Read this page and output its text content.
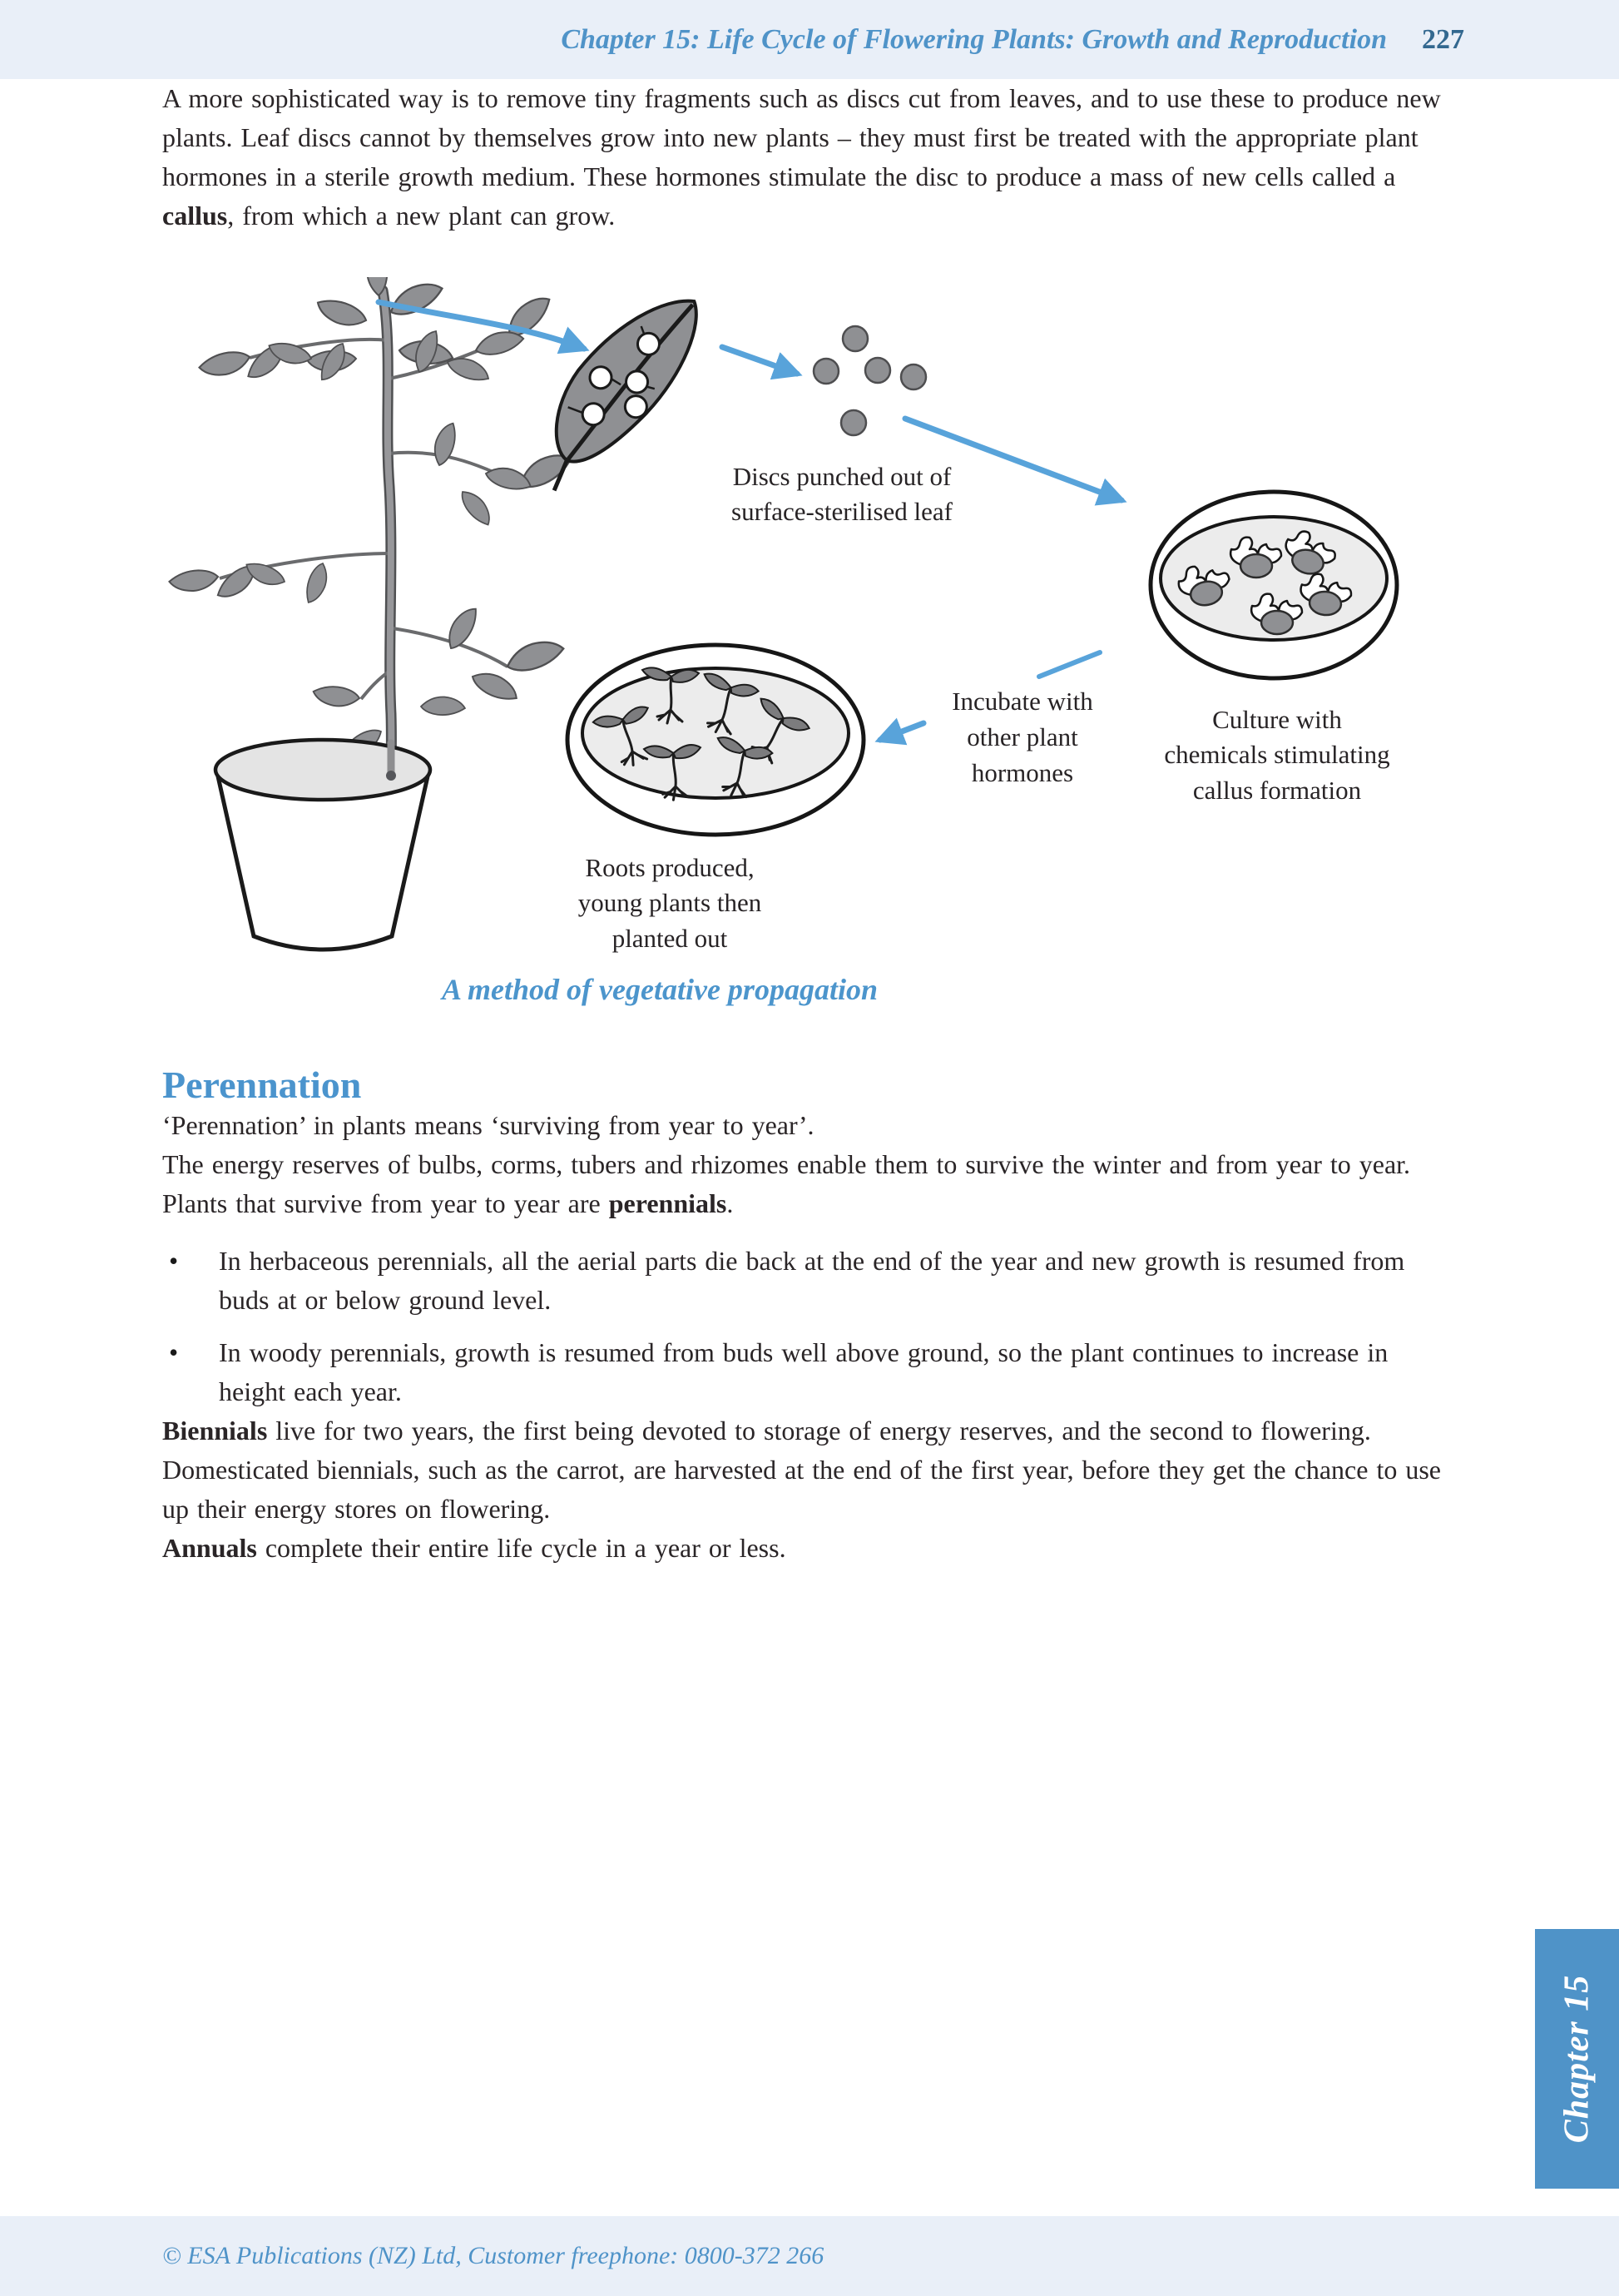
Chapter 15: Life Cycle of Flowering Plants: Growth and Reproduction 227

A more sophisticated way is to remove tiny fragments such as discs cut from leaves, and to use these to produce new plants. Leaf discs cannot by themselves grow into new plants – they must first be treated with the appropriate plant hormones in a sterile growth medium. These hormones stimulate the disc to produce a mass of new cells called a callus, from which a new plant can grow.

Discs punched out of
surface-sterilised leaf
Incubate with
other plant
hormones
Culture with
chemicals stimulating
callus formation
Roots produced,
young plants then
planted out
A method of vegetative propagation
Perennation

‘Perennation’ in plants means ‘surviving from year to year’.

The energy reserves of bulbs, corms, tubers and rhizomes enable them to survive the winter and from year to year. Plants that survive from year to year are perennials.

• In herbaceous perennials, all the aerial parts die back at the end of the year and new growth is resumed from buds at or below ground level.
• In woody perennials, growth is resumed from buds well above ground, so the plant continues to increase in height each year.

Biennials live for two years, the first being devoted to storage of energy reserves, and the second to flowering.

Domesticated biennials, such as the carrot, are harvested at the end of the first year, before they get the chance to use up their energy stores on flowering.

Annuals complete their entire life cycle in a year or less.

Chapter 15
© ESA Publications (NZ) Ltd, Customer freephone: 0800-372 266
